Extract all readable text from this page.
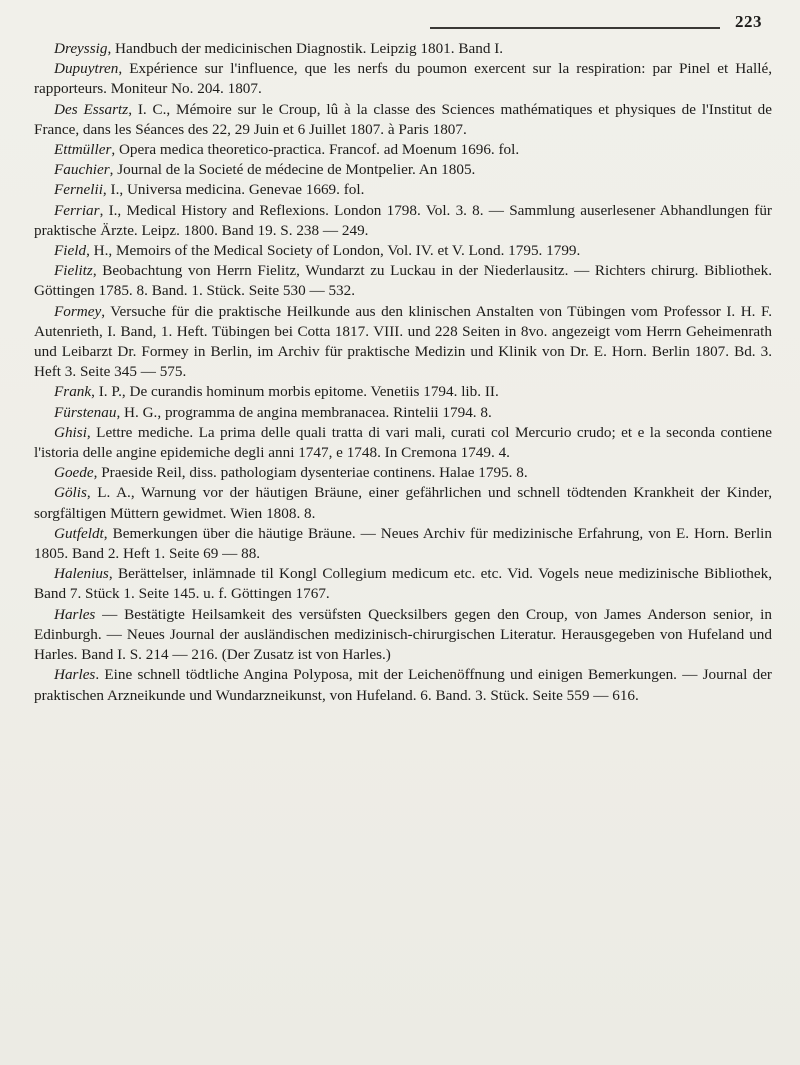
223

Dreyssig, Handbuch der medicinischen Diagnostik. Leipzig 1801. Band I.

Dupuytren, Expérience sur l'influence, que les nerfs du poumon exercent sur la respiration: par Pinel et Hallé, rapporteurs. Moniteur No. 204. 1807.

Des Essartz, I. C., Mémoire sur le Croup, lû à la classe des Sciences mathématiques et physiques de l'Institut de France, dans les Séances des 22, 29 Juin et 6 Juillet 1807. à Paris 1807.

Ettmüller, Opera medica theoretico-practica. Francof. ad Moenum 1696. fol.

Fauchier, Journal de la Societé de médecine de Montpelier. An 1805.

Fernelii, I., Universa medicina. Genevae 1669. fol.

Ferriar, I., Medical History and Reflexions. London 1798. Vol. 3. 8. — Sammlung auserlesener Abhandlungen für praktische Ärzte. Leipz. 1800. Band 19. S. 238 — 249.

Field, H., Memoirs of the Medical Society of London, Vol. IV. et V. Lond. 1795. 1799.

Fielitz, Beobachtung von Herrn Fielitz, Wundarzt zu Luckau in der Niederlausitz. — Richters chirurg. Bibliothek. Göttingen 1785. 8. Band. 1. Stück. Seite 530 — 532.

Formey, Versuche für die praktische Heilkunde aus den klinischen Anstalten von Tübingen vom Professor I. H. F. Autenrieth, I. Band, 1. Heft. Tübingen bei Cotta 1817. VIII. und 228 Seiten in 8vo. angezeigt vom Herrn Geheimenrath und Leibarzt Dr. Formey in Berlin, im Archiv für praktische Medizin und Klinik von Dr. E. Horn. Berlin 1807. Bd. 3. Heft 3. Seite 345 — 575.

Frank, I. P., De curandis hominum morbis epitome. Venetiis 1794. lib. II.

Fürstenau, H. G., programma de angina membranacea. Rintelii 1794. 8.

Ghisi, Lettre mediche. La prima delle quali tratta di vari mali, curati col Mercurio crudo; et e la seconda contiene l'istoria delle angine epidemiche degli anni 1747, e 1748. In Cremona 1749. 4.

Goede, Praeside Reil, diss. pathologiam dysenteriae continens. Halae 1795. 8.

Gölis, L. A., Warnung vor der häutigen Bräune, einer gefährlichen und schnell tödtenden Krankheit der Kinder, sorgfältigen Müttern gewidmet. Wien 1808. 8.

Gutfeldt, Bemerkungen über die häutige Bräune. — Neues Archiv für medizinische Erfahrung, von E. Horn. Berlin 1805. Band 2. Heft 1. Seite 69 — 88.

Halenius, Berättelser, inlämnade til Kongl Collegium medicum etc. etc. Vid. Vogels neue medizinische Bibliothek, Band 7. Stück 1. Seite 145. u. f. Göttingen 1767.

Harles — Bestätigte Heilsamkeit des versüfsten Quecksilbers gegen den Croup, von James Anderson senior, in Edinburgh. — Neues Journal der ausländischen medizinisch-chirurgischen Literatur. Herausgegeben von Hufeland und Harles. Band I. S. 214 — 216. (Der Zusatz ist von Harles.)

Harles. Eine schnell tödtliche Angina Polyposa, mit der Leichenöffnung und einigen Bemerkungen. — Journal der praktischen Arzneikunde und Wundarzneikunst, von Hufeland. 6. Band. 3. Stück. Seite 559 — 616.
